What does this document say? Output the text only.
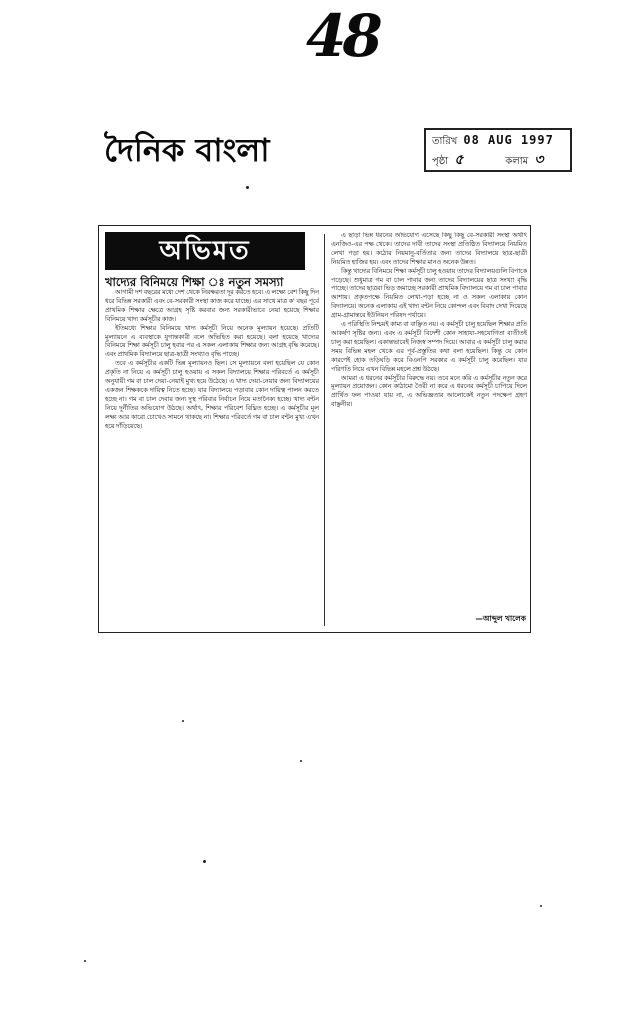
48
দৈনিক বাংলা	তারিখ 08 AUG 1997
পৃষ্ঠা ৫	কলাম ৩
অভিমত
খাদ্যের বিনিময়ে শিক্ষা ঃ নতুন সমস্যা

আগামী দশ বছরের মধ্যে দেশ থেকে নিরক্ষরতা দূর করতে হবে। এ লক্ষ্যে বেশ কিছু দিন ধরে বিভিন্ন সরকারী এবং বে-সরকারী সংস্থা কাজ করে যাচ্ছে। এর সাথে মাত্র ক' বছর পূর্বে প্রাথমিক শিক্ষার ক্ষেত্রে আগ্রহ সৃষ্টি করবার জন্য সরকারীভাবে নেয়া হয়েছে শিক্ষার বিনিময়ে খাদ্য কর্মসূচীর কাজ।

ইতিমধ্যে শিক্ষার বিনিময়ে খাদ্য কর্মসূচী নিয়ে অনেক মূল্যায়ন হয়েছে। প্রতিটি মূল্যায়নে এ ব্যবস্থাকে যুগান্তকারী বলে অভিহিত করা হয়েছে। বলা হয়েছে খাদ্যের বিনিময়ে শিক্ষা কর্মসূচী চালু হবার পর এ সকল এলাকায় শিক্ষার জন্য আগ্রহ বৃদ্ধি করেছে। এবং প্রাথমিক বিদ্যালয়ে ছাত্র-ছাত্রী সংখ্যাও বৃদ্ধি পাচ্ছে।

তবে এ কর্মসূচীর একটি ভিন্ন মূল্যায়নও ছিল। সে মূল্যায়নে বলা হয়েছিল যে কোন প্রকৃতি না নিয়ে এ কর্মসূচী চালু হওয়ায় এ সকল বিদ্যালয়ে শিক্ষার পরিবর্তে এ কর্মসূচী অনুযায়ী গম বা চাল দেয়া-নেয়াই মুখ্য হয়ে উঠেছে। এ খাদ্য দেয়া-নেয়ার জন্য বিদ্যালয়ের একজন শিক্ষককে দায়িত্ব নিতে হচ্ছে। যার বিদ্যালয়ে পড়াবার কোন দায়িত্ব পালন করতে হচ্ছে না। গম বা চাল দেবার জন্য দুস্থ পরিবার নির্বাচন নিয়ে মতানৈক্য হচ্ছে। খাদ্য বন্টন নিয়ে দুর্নীতির অভিযোগ উঠছে। অর্থাৎ, শিক্ষার পরিবেশ বিঘ্নিত হচ্ছে। এ কর্মসূচীর মূল লক্ষ্য আর কারো চোখেও সামনে থাকছে না। শিক্ষার পরিবর্তে গম বা চাল বন্টন মুখ্য এখন হয়ে দাঁড়িয়েছে।

এ ছাড়া ভিন্ন ধরনের অভিযোগ এসেছে কিছু কিছু বে-সরকারী সংস্থা অর্থাৎ এনজিও-এর পক্ষ থেকে। তাদের দাবী তাদের সংস্থা প্রতিষ্ঠিত বিদ্যালয়ে নিয়মিত লেখা পড়া হয়। কঠোর নিয়মানু-বর্তিতার জন্য তাদের বিদ্যালয়ে ছাত্র-ছাত্রী নিয়মিত হাজির হয়। এবং তাদের শিক্ষার মানও অনেক উন্নত।

কিন্তু খাদ্যের বিনিময়ে শিক্ষা কর্মসূচী চালু হওয়ায় তাদের বিদ্যালয়গুলি বিপাকে পড়েছে। শুধুমাত্র গম বা চাল পাবার জন্য তাদের বিদ্যালয়ের ছাত্র সংখ্যা বৃদ্ধি পাচ্ছে। তাদের ছাত্ররা ভিড় জমাচ্ছে সরকারী প্রাথমিক বিদ্যালয়ে গম বা চাল পাবার আশায়। প্রকৃতপক্ষে নিয়মিত লেখা-পড়া হচ্ছে না ও সকল এলাকায় কোন বিদ্যালয়ে। অনেক এলাকায় এই খাদ্য বন্টন নিয়ে কোন্দল এবং বিবাদ দেখা দিয়েছে গ্রাম-গ্রামান্তরে ইউনিয়ন পরিষদ পর্যায়ে।

এ পরিস্থিতি নিশ্চয়ই কাম্য বা বাঞ্ছিত নয়। এ কর্মসূচী চালু হয়েছিল শিক্ষার প্রতি আকর্ষণ সৃষ্টির জন্য। এবং এ কর্মসূচী বিদেশী কোন সাহায্য-সহযোগিতা ব্যতীতই চালু করা হয়েছিল। একান্তভাবেই নিজস্ব সম্পদ দিয়ে। আবার এ কর্মসূচী চালু করার সময় বিভিন্ন মহল থেকে এর পূর্ব-প্রস্তুতির কথা বলা হয়েছিল। কিন্তু যে কোন কারণেই হোক তড়িঘড়ি করে বিএনপি সরকার এ কর্মসূচী চালু করেছিল। যার পরিণতি নিয়ে এখন বিভিন্ন মহলে প্রশ্ন উঠছে।

আমরা এ ধরনের কর্মসূচীর বিরুদ্ধে নয়। তবে মনে করি এ কর্মসূচীর নতুন করে মূল্যায়ন প্রয়োজন। কোন কাঠামো তৈরী না করে এ ধরনের কর্মসূচী চাপিয়ে দিলে প্রার্থিত ফল পাওয়া যায় না, এ অভিজ্ঞতার আলোকেই নতুন পদক্ষেপ গ্রহণ বাঞ্ছনীয়।

—আব্দুল খালেক
